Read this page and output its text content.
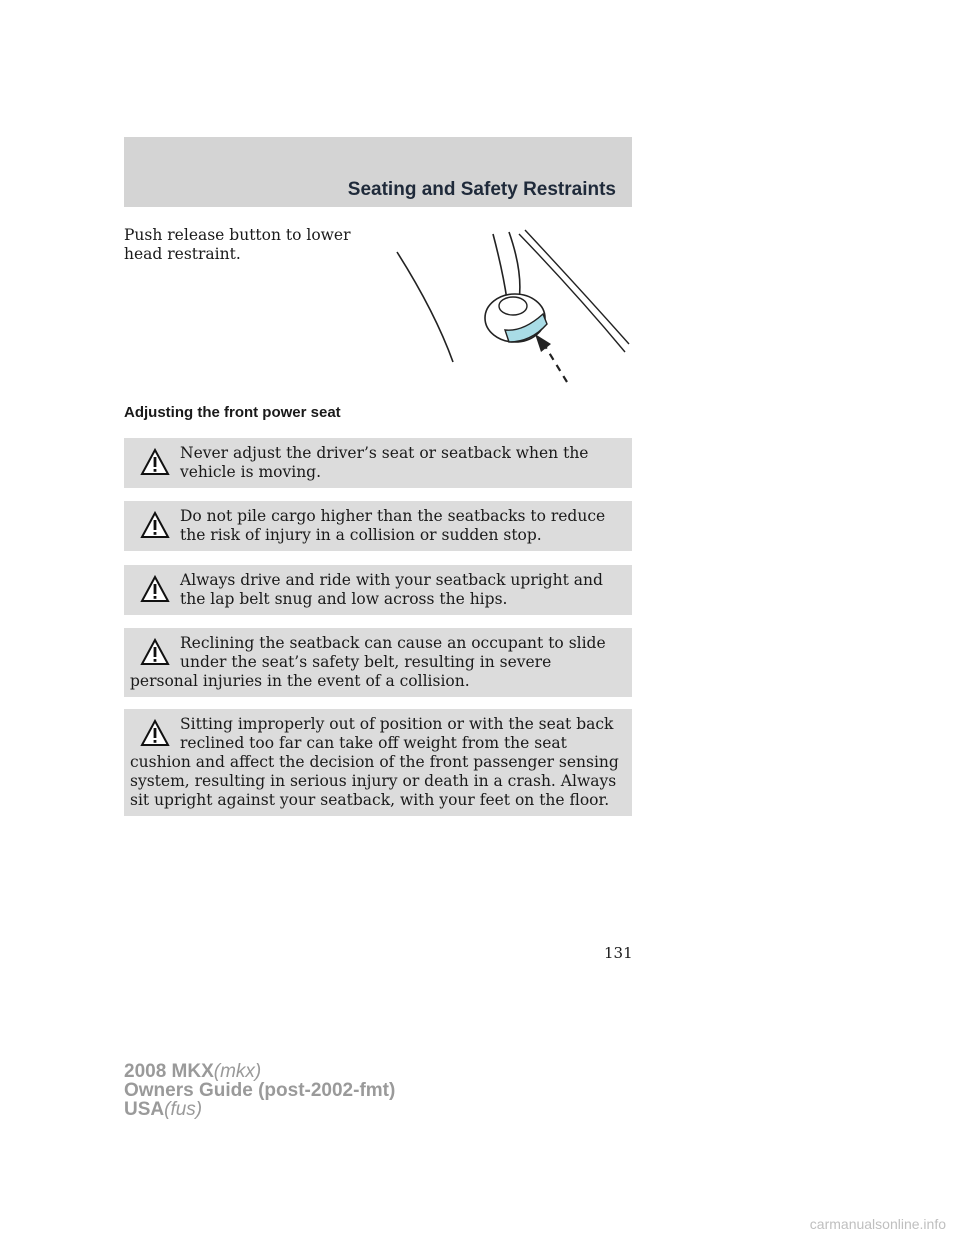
Seating and Safety Restraints
Push release button to lower head restraint.
Adjusting the front power seat
Never adjust the driver’s seat or seatback when the vehicle is moving.
Do not pile cargo higher than the seatbacks to reduce the risk of injury in a collision or sudden stop.
Always drive and ride with your seatback upright and the lap belt snug and low across the hips.
Reclining the seatback can cause an occupant to slide under the seat’s safety belt, resulting in severe personal injuries in the event of a collision.
Sitting improperly out of position or with the seat back reclined too far can take off weight from the seat cushion and affect the decision of the front passenger sensing system, resulting in serious injury or death in a crash. Always sit upright against your seatback, with your feet on the floor.
131
2008 MKX(mkx)
Owners Guide (post-2002-fmt)
USA(fus)
carmanualsonline.info
